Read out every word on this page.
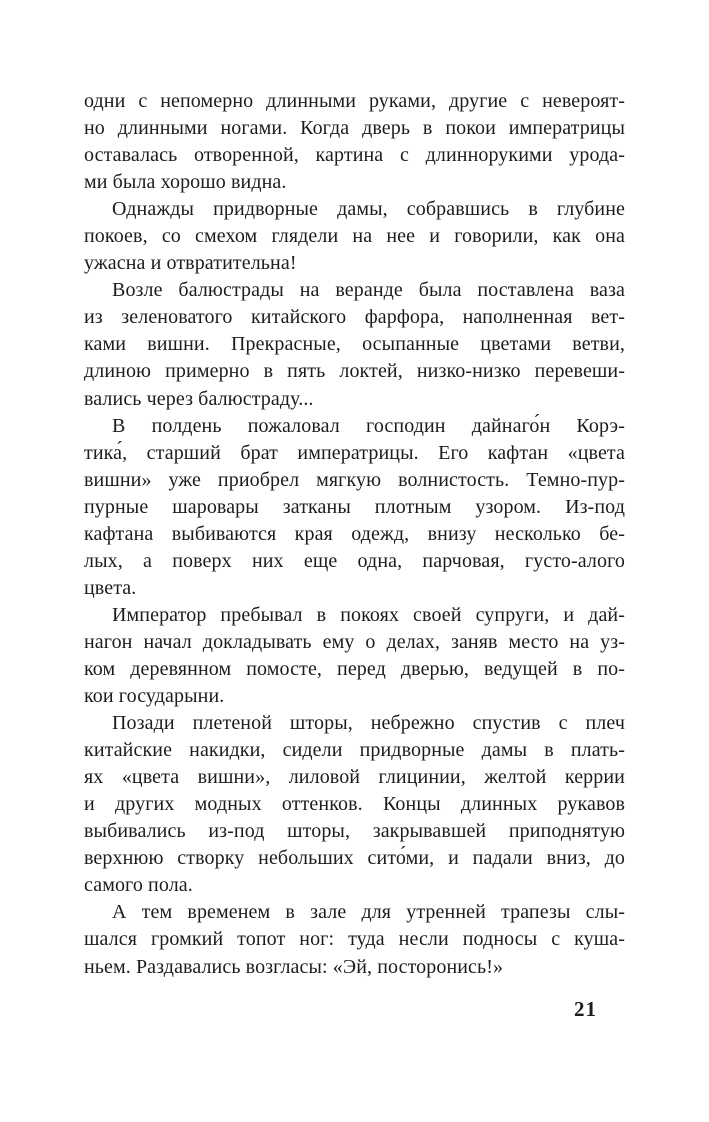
одни с непомерно длинными руками, другие с невероят-
но длинными ногами. Когда дверь в покои императрицы
оставалась отворенной, картина с длиннорукими урода-
ми была хорошо видна.
Однажды придворные дамы, собравшись в глубине
покоев, со смехом глядели на нее и говорили, как она
ужасна и отвратительна!
Возле балюстрады на веранде была поставлена ваза
из зеленоватого китайского фарфора, наполненная вет-
ками вишни. Прекрасные, осыпанные цветами ветви,
длиною примерно в пять локтей, низко-низко перевеши-
вались через балюстраду...
В полдень пожаловал господин дайнаго́н Корэ-
тика́, старший брат императрицы. Его кафтан «цвета
вишни» уже приобрел мягкую волнистость. Темно-пур-
пурные шаровары затканы плотным узором. Из-под
кафтана выбиваются края одежд, внизу несколько бе-
лых, а поверх них еще одна, парчовая, густо-алого
цвета.
Император пребывал в покоях своей супруги, и дай-
нагон начал докладывать ему о делах, заняв место на уз-
ком деревянном помосте, перед дверью, ведущей в по-
кои государыни.
Позади плетеной шторы, небрежно спустив с плеч
китайские накидки, сидели придворные дамы в плать-
ях «цвета вишни», лиловой глицинии, желтой керрии
и других модных оттенков. Концы длинных рукавов
выбивались из-под шторы, закрывавшей приподнятую
верхнюю створку небольших сито́ми, и падали вниз, до
самого пола.
А тем временем в зале для утренней трапезы слы-
шался громкий топот ног: туда несли подносы с куша-
ньем. Раздавались возгласы: «Эй, посторонись!»
21
